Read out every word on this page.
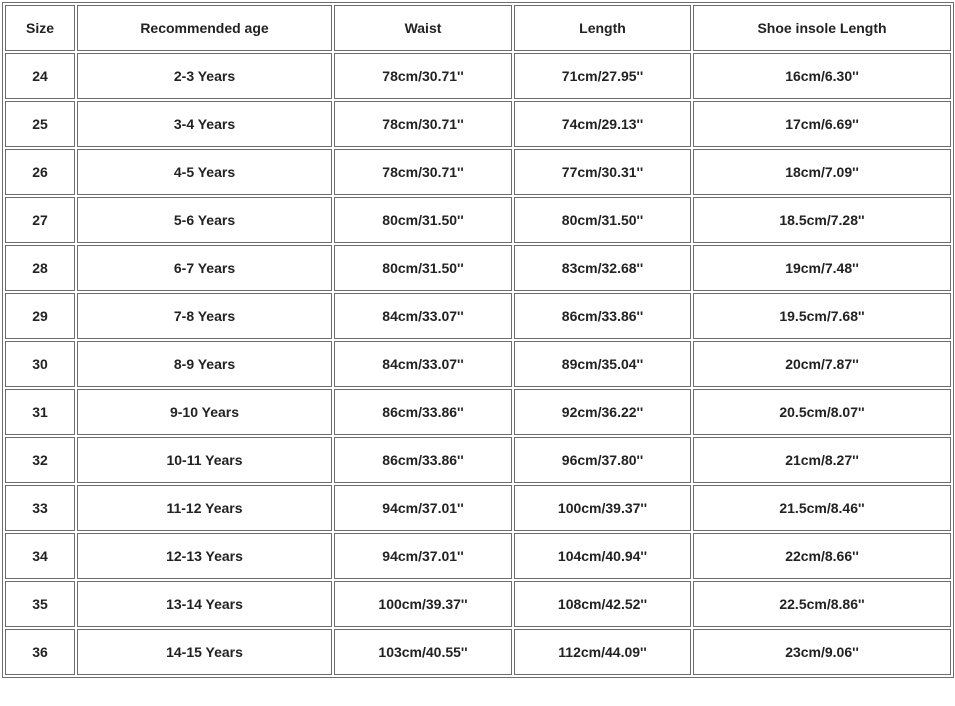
Size	Recommended age	Waist	Length	Shoe insole Length
24	2-3 Years	78cm/30.71''	71cm/27.95''	16cm/6.30''
25	3-4 Years	78cm/30.71''	74cm/29.13''	17cm/6.69''
26	4-5 Years	78cm/30.71''	77cm/30.31''	18cm/7.09''
27	5-6 Years	80cm/31.50''	80cm/31.50''	18.5cm/7.28''
28	6-7 Years	80cm/31.50''	83cm/32.68''	19cm/7.48''
29	7-8 Years	84cm/33.07''	86cm/33.86''	19.5cm/7.68''
30	8-9 Years	84cm/33.07''	89cm/35.04''	20cm/7.87''
31	9-10 Years	86cm/33.86''	92cm/36.22''	20.5cm/8.07''
32	10-11 Years	86cm/33.86''	96cm/37.80''	21cm/8.27''
33	11-12 Years	94cm/37.01''	100cm/39.37''	21.5cm/8.46''
34	12-13 Years	94cm/37.01''	104cm/40.94''	22cm/8.66''
35	13-14 Years	100cm/39.37''	108cm/42.52''	22.5cm/8.86''
36	14-15 Years	103cm/40.55''	112cm/44.09''	23cm/9.06''
